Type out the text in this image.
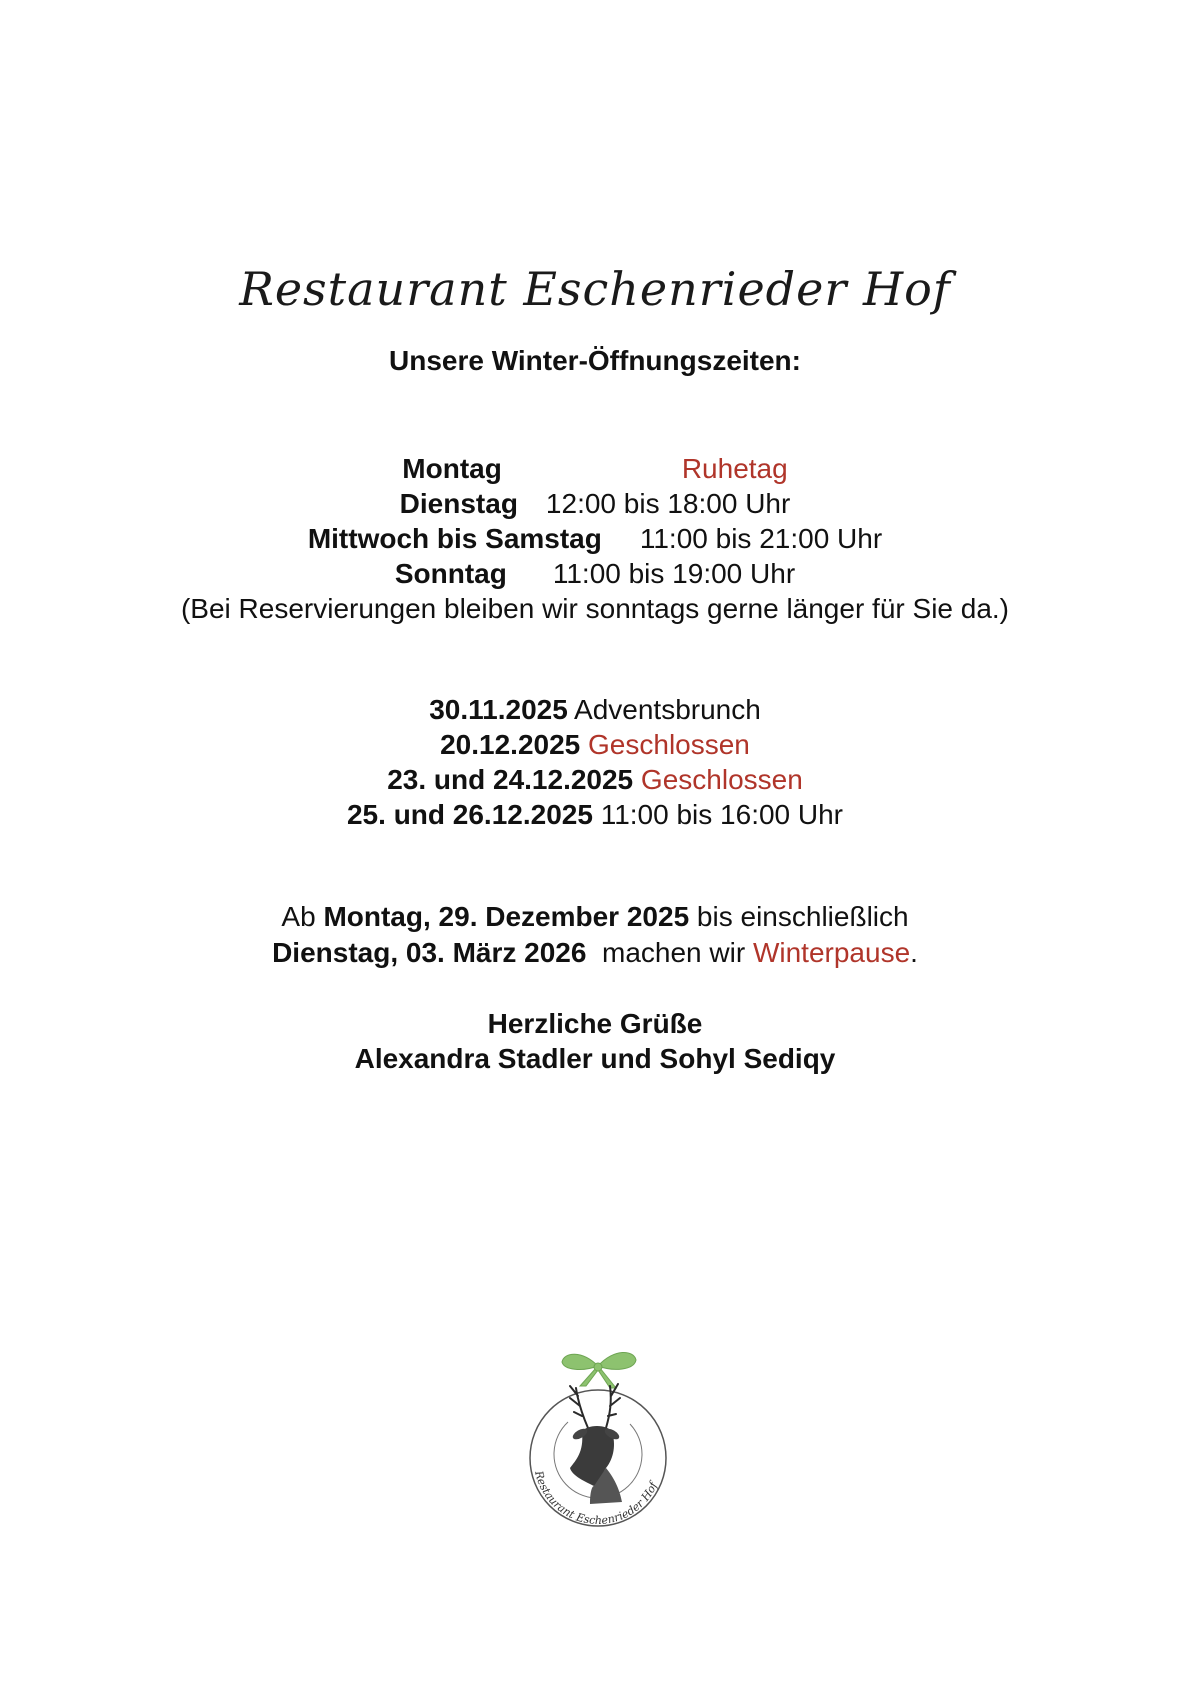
Restaurant Eschenrieder Hof
Unsere Winter-Öffnungszeiten:
Montag	Ruhetag
Dienstag 12:00 bis 18:00 Uhr
Mittwoch bis Samstag 11:00 bis 21:00 Uhr
Sonntag 11:00 bis 19:00 Uhr
(Bei Reservierungen bleiben wir sonntags gerne länger für Sie da.)
30.11.2025 Adventsbrunch
20.12.2025 Geschlossen
23. und 24.12.2025 Geschlossen
25. und 26.12.2025 11:00 bis 16:00 Uhr
Ab Montag, 29. Dezember 2025 bis einschließlich
Dienstag, 03. März 2026  machen wir Winterpause.
Herzliche Grüße
Alexandra Stadler und Sohyl Sediqy
Restaurant Eschenrieder Hof
